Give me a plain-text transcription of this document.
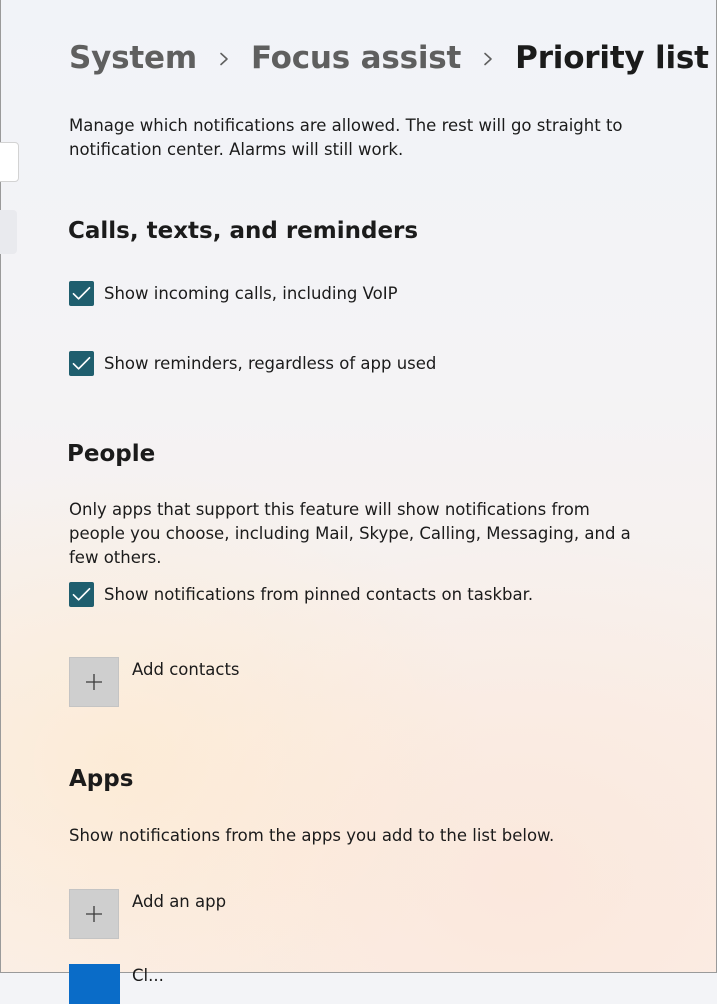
System Focus assist Priority list
Manage which notifications are allowed. The rest will go straight to notification center. Alarms will still work.
Calls, texts, and reminders
Show incoming calls, including VoIP
Show reminders, regardless of app used
People
Only apps that support this feature will show notifications from people you choose, including Mail, Skype, Calling, Messaging, and a few others.
Show notifications from pinned contacts on taskbar.
Add contacts
Apps
Show notifications from the apps you add to the list below.
Add an app
Cl...
